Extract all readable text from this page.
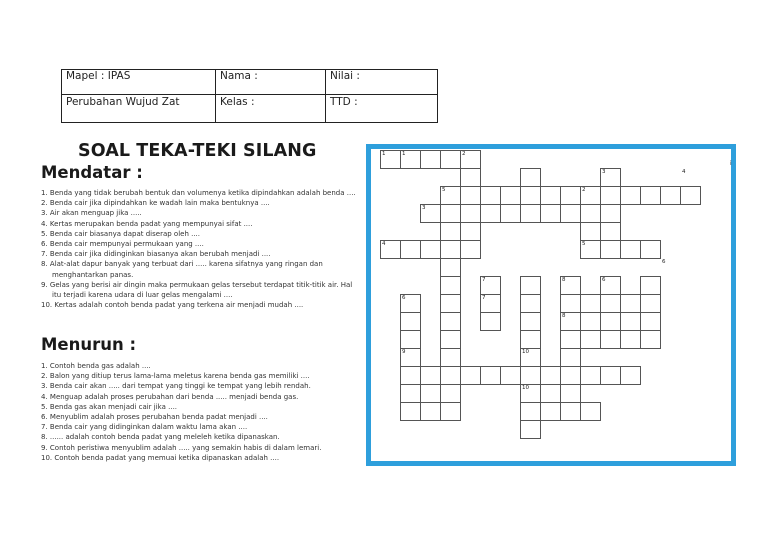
Mapel : IPAS	Nama :	Nilai :
Perubahan Wujud Zat	Kelas :	TTD :
SOAL TEKA-TEKI SILANG
Mendatar :
1. Benda yang tidak berubah bentuk dan volumenya ketika dipindahkan adalah benda ....
2. Benda cair jika dipindahkan ke wadah lain maka bentuknya ....
3. Air akan menguap jika .....
4. Kertas merupakan benda padat yang mempunyai sifat ....
5. Benda cair biasanya dapat diserap oleh ....
6. Benda cair mempunyai permukaan yang ....
7. Benda cair jika didinginkan biasanya akan berubah menjadi ....
8. Alat-alat dapur banyak yang terbuat dari ..... karena sifatnya yang ringan dan menghantarkan panas.
9. Gelas yang berisi air dingin maka permukaan gelas tersebut terdapat titik-titik air. Hal itu terjadi karena udara di luar gelas mengalami ....
10. Kertas adalah contoh benda padat yang terkena air menjadi mudah ....
Menurun :
1. Contoh benda gas adalah ....
2. Balon yang ditiup terus lama-lama meletus karena benda gas memiliki ....
3. Benda cair akan ..... dari tempat yang tinggi ke tempat yang lebih rendah.
4. Menguap adalah proses perubahan dari benda ..... menjadi benda gas.
5. Benda gas akan menjadi cair jika ....
6. Menyublim adalah proses perubahan benda padat menjadi ....
7. Benda cair yang didinginkan dalam waktu lama akan ....
8. ...... adalah contoh benda padat yang meleleh ketika dipanaskan.
9. Contoh peristiwa menyublim adalah ..... yang semakin habis di dalam lemari.
10. Contoh benda padat yang memuai ketika dipanaskan adalah ....
1	1	2
3	4
5	2
3
4	5
6
7	8	6
6	7
8
9	10
10
i
